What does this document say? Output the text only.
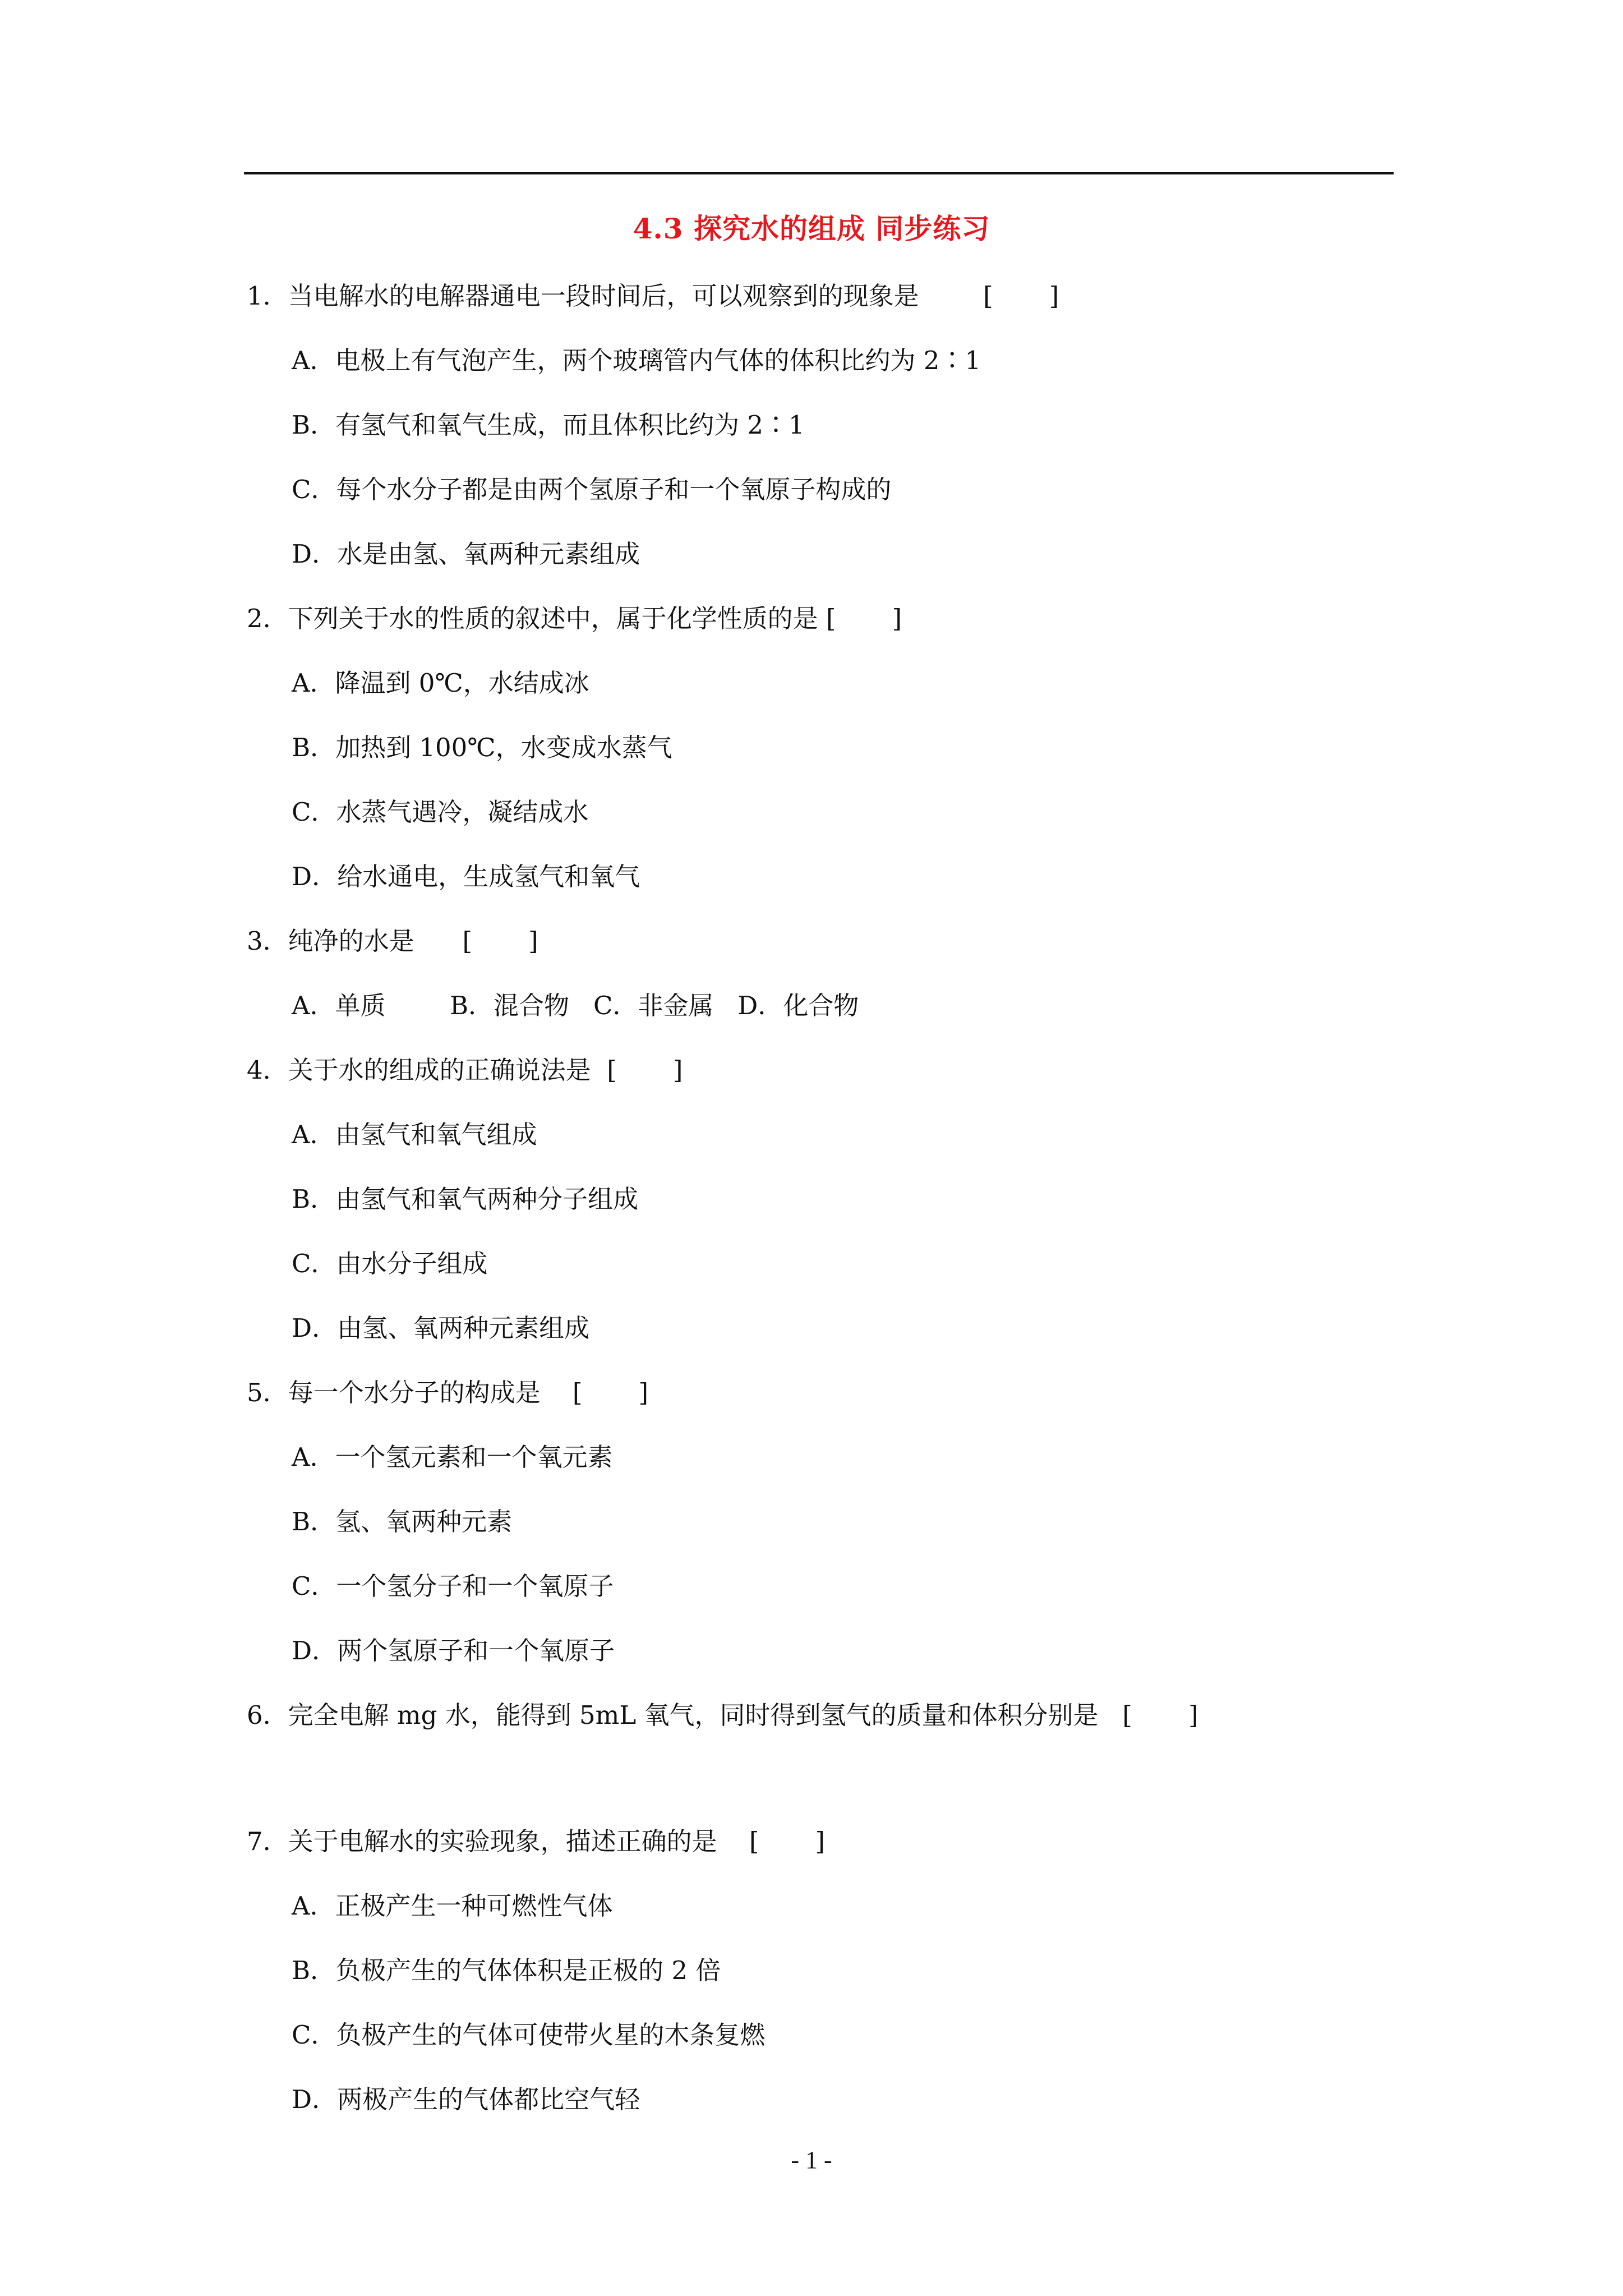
4.3 探究水的组成 同步练习
1．当电解水的电解器通电一段时间后，可以观察到的现象是        [       ]
A．电极上有气泡产生，两个玻璃管内气体的体积比约为 2∶1
B．有氢气和氧气生成，而且体积比约为 2∶1
C．每个水分子都是由两个氢原子和一个氧原子构成的
D．水是由氢、氧两种元素组成
2．下列关于水的性质的叙述中，属于化学性质的是 [       ]
A．降温到 0℃，水结成冰
B．加热到 100℃，水变成水蒸气
C．水蒸气遇冷，凝结成水
D．给水通电，生成氢气和氧气
3．纯净的水是      [       ]
A．单质	B．混合物 C．非金属 D．化合物
4．关于水的组成的正确说法是  [       ]
A．由氢气和氧气组成
B．由氢气和氧气两种分子组成
C．由水分子组成
D．由氢、氧两种元素组成
5．每一个水分子的构成是    [       ]
A．一个氢元素和一个氧元素
B．氢、氧两种元素
C．一个氢分子和一个氧原子
D．两个氢原子和一个氧原子
6．完全电解 mg 水，能得到 5mL 氧气，同时得到氢气的质量和体积分别是   [       ]
7．关于电解水的实验现象，描述正确的是    [       ]
A．正极产生一种可燃性气体
B．负极产生的气体体积是正极的 2 倍
C．负极产生的气体可使带火星的木条复燃
D．两极产生的气体都比空气轻
- 1 -
